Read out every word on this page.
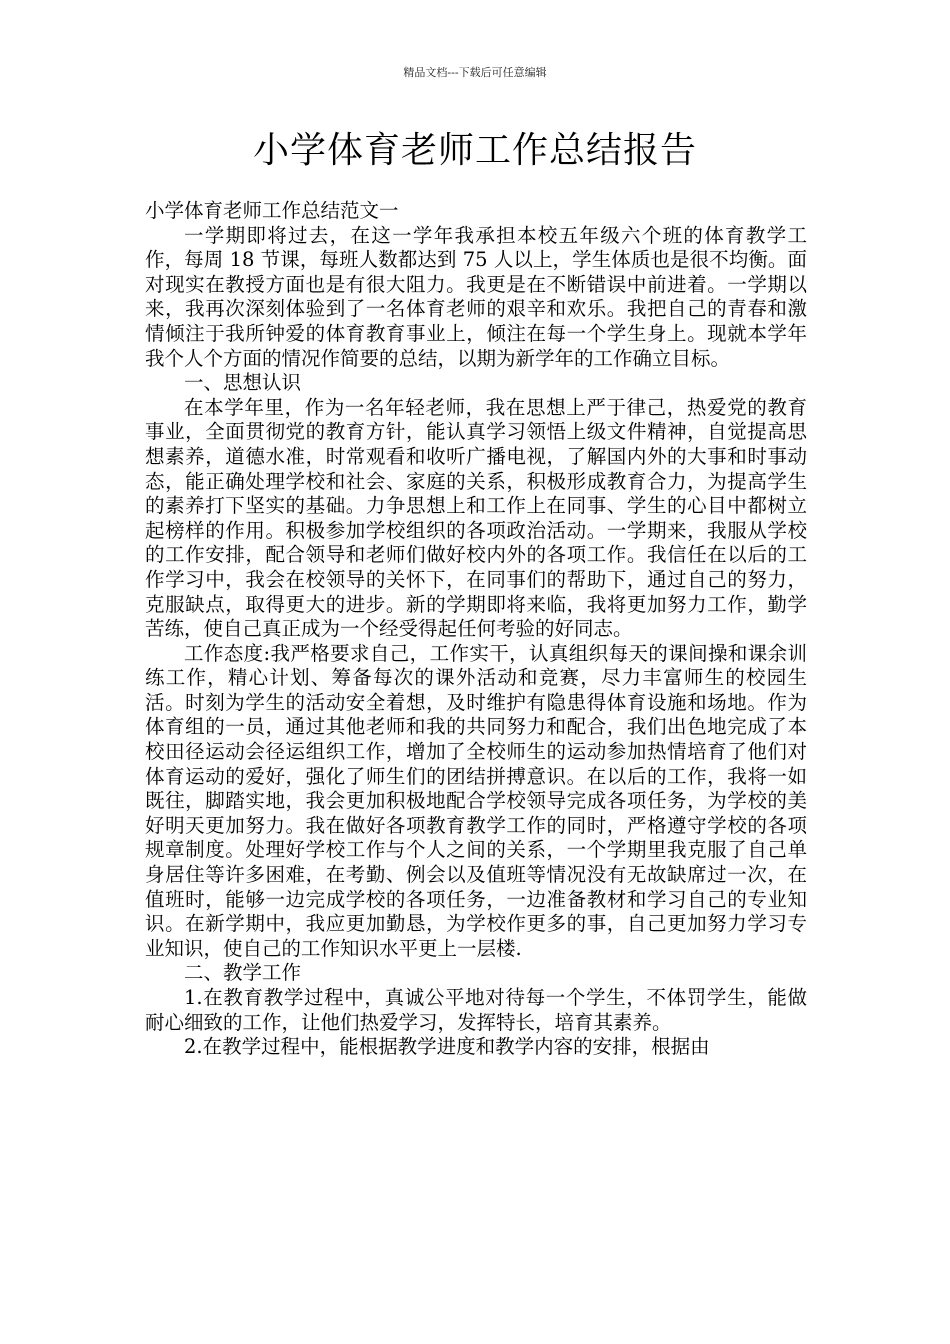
精品文档---下载后可任意编辑
小学体育老师工作总结报告

小学体育老师工作总结范文一

一学期即将过去，在这一学年我承担本校五年级六个班的体育教学工作，每周 18 节课，每班人数都达到 75 人以上，学生体质也是很不均衡。面对现实在教授方面也是有很大阻力。我更是在不断错误中前进着。一学期以来，我再次深刻体验到了一名体育老师的艰辛和欢乐。我把自己的青春和激情倾注于我所钟爱的体育教育事业上，倾注在每一个学生身上。现就本学年我个人个方面的情况作简要的总结，以期为新学年的工作确立目标。

一、思想认识

在本学年里，作为一名年轻老师，我在思想上严于律己，热爱党的教育事业，全面贯彻党的教育方针，能认真学习领悟上级文件精神，自觉提高思想素养，道德水准，时常观看和收听广播电视，了解国内外的大事和时事动态，能正确处理学校和社会、家庭的关系，积极形成教育合力，为提高学生的素养打下坚实的基础。力争思想上和工作上在同事、学生的心目中都树立起榜样的作用。积极参加学校组织的各项政治活动。一学期来，我服从学校的工作安排，配合领导和老师们做好校内外的各项工作。我信任在以后的工作学习中，我会在校领导的关怀下，在同事们的帮助下，通过自己的努力，克服缺点，取得更大的进步。新的学期即将来临，我将更加努力工作，勤学苦练，使自己真正成为一个经受得起任何考验的好同志。

工作态度:我严格要求自己，工作实干，认真组织每天的课间操和课余训练工作，精心计划、筹备每次的课外活动和竞赛，尽力丰富师生的校园生活。时刻为学生的活动安全着想，及时维护有隐患得体育设施和场地。作为体育组的一员，通过其他老师和我的共同努力和配合，我们出色地完成了本校田径运动会径运组织工作，增加了全校师生的运动参加热情培育了他们对体育运动的爱好，强化了师生们的团结拼搏意识。在以后的工作，我将一如既往，脚踏实地，我会更加积极地配合学校领导完成各项任务，为学校的美好明天更加努力。我在做好各项教育教学工作的同时，严格遵守学校的各项规章制度。处理好学校工作与个人之间的关系，一个学期里我克服了自己单身居住等许多困难，在考勤、例会以及值班等情况没有无故缺席过一次，在值班时，能够一边完成学校的各项任务，一边准备教材和学习自己的专业知识。在新学期中，我应更加勤恳，为学校作更多的事，自己更加努力学习专业知识，使自己的工作知识水平更上一层楼.

二、教学工作

1.在教育教学过程中，真诚公平地对待每一个学生，不体罚学生，能做耐心细致的工作，让他们热爱学习，发挥特长，培育其素养。

2.在教学过程中，能根据教学进度和教学内容的安排，根据由
